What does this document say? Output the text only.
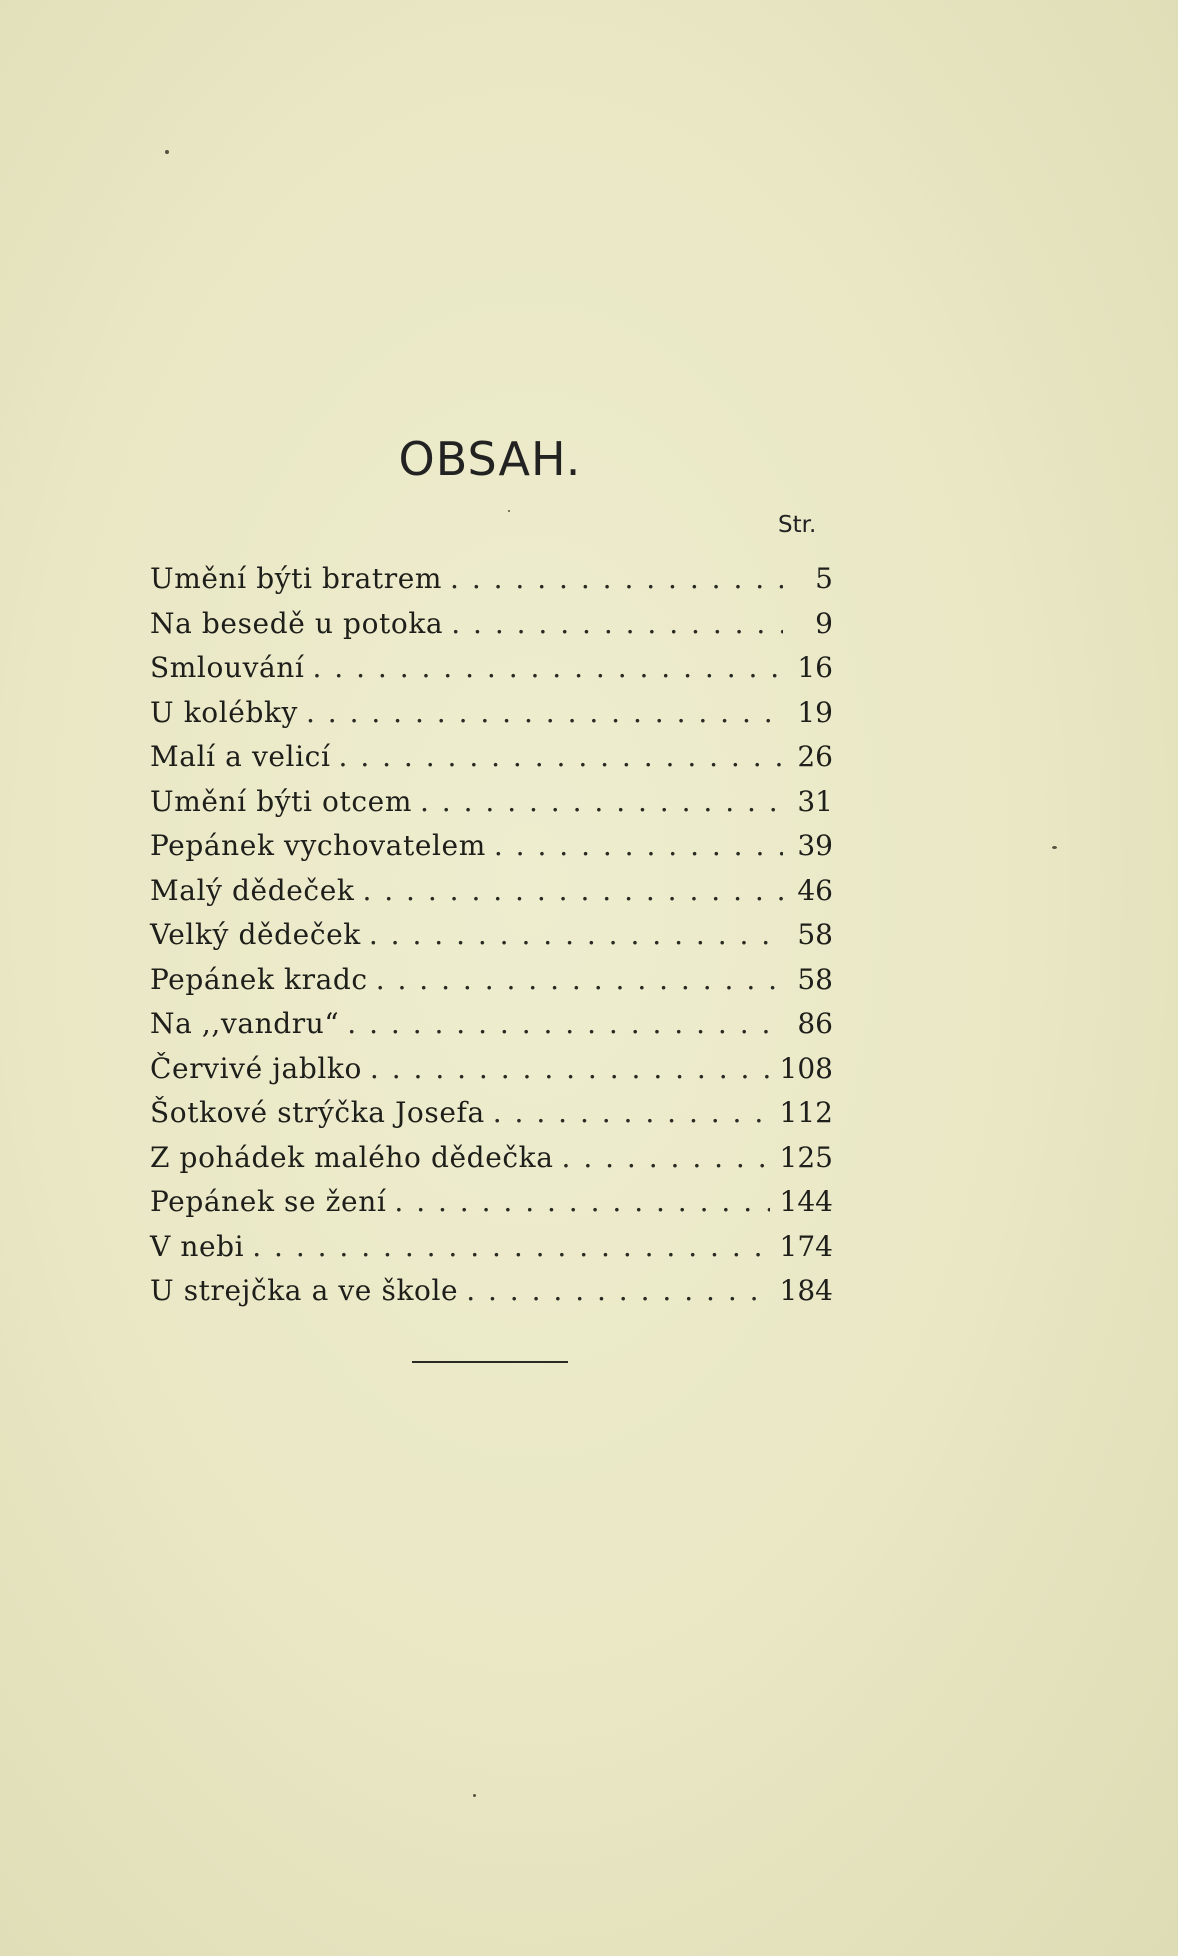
OBSAH.
Str.
Umění býti bratrem . . .	5
Na besedě u potoka . . .	9
Smlouvání . . .	16
U kolébky . . .	19
Malí a velicí . . .	26
Umění býti otcem . . .	31
Pepánek vychovatelem . . .	39
Malý dědeček . . .	46
Velký dědeček . . .	58
Pepánek kradc . . .	58
Na ,,vandru“ . . .	86
Červivé jablko . . .	108
Šotkové strýčka Josefa . . .	112
Z pohádek malého dědečka . . .	125
Pepánek se žení . . .	144
V nebi . . .	174
U strejčka a ve škole . . .	184
